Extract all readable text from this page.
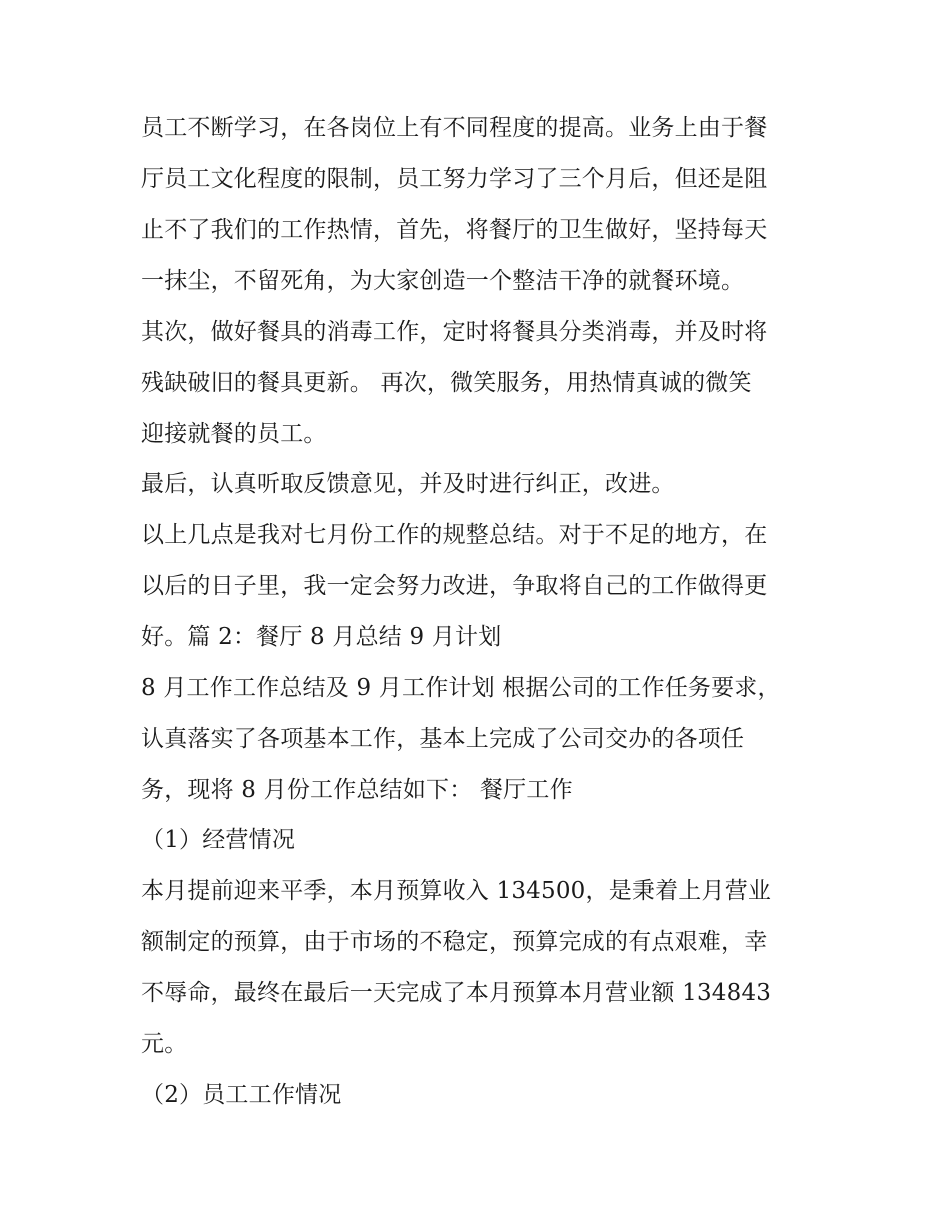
员工不断学习，在各岗位上有不同程度的提高。业务上由于餐
厅员工文化程度的限制，员工努力学习了三个月后，但还是阻
止不了我们的工作热情，首先，将餐厅的卫生做好，坚持每天
一抹尘，不留死角，为大家创造一个整洁干净的就餐环境。
其次，做好餐具的消毒工作，定时将餐具分类消毒，并及时将
残缺破旧的餐具更新。 再次，微笑服务，用热情真诚的微笑
迎接就餐的员工。
最后，认真听取反馈意见，并及时进行纠正，改进。
以上几点是我对七月份工作的规整总结。对于不足的地方，在
以后的日子里，我一定会努力改进，争取将自己的工作做得更
好。篇 2：餐厅 8 月总结 9 月计划
8 月工作工作总结及 9 月工作计划 根据公司的工作任务要求，
认真落实了各项基本工作，基本上完成了公司交办的各项任
务，现将 8 月份工作总结如下： 餐厅工作
（1）经营情况
本月提前迎来平季，本月预算收入 134500，是秉着上月营业
额制定的预算，由于市场的不稳定，预算完成的有点艰难，幸
不辱命，最终在最后一天完成了本月预算本月营业额 134843
元。
（2）员工工作情况
